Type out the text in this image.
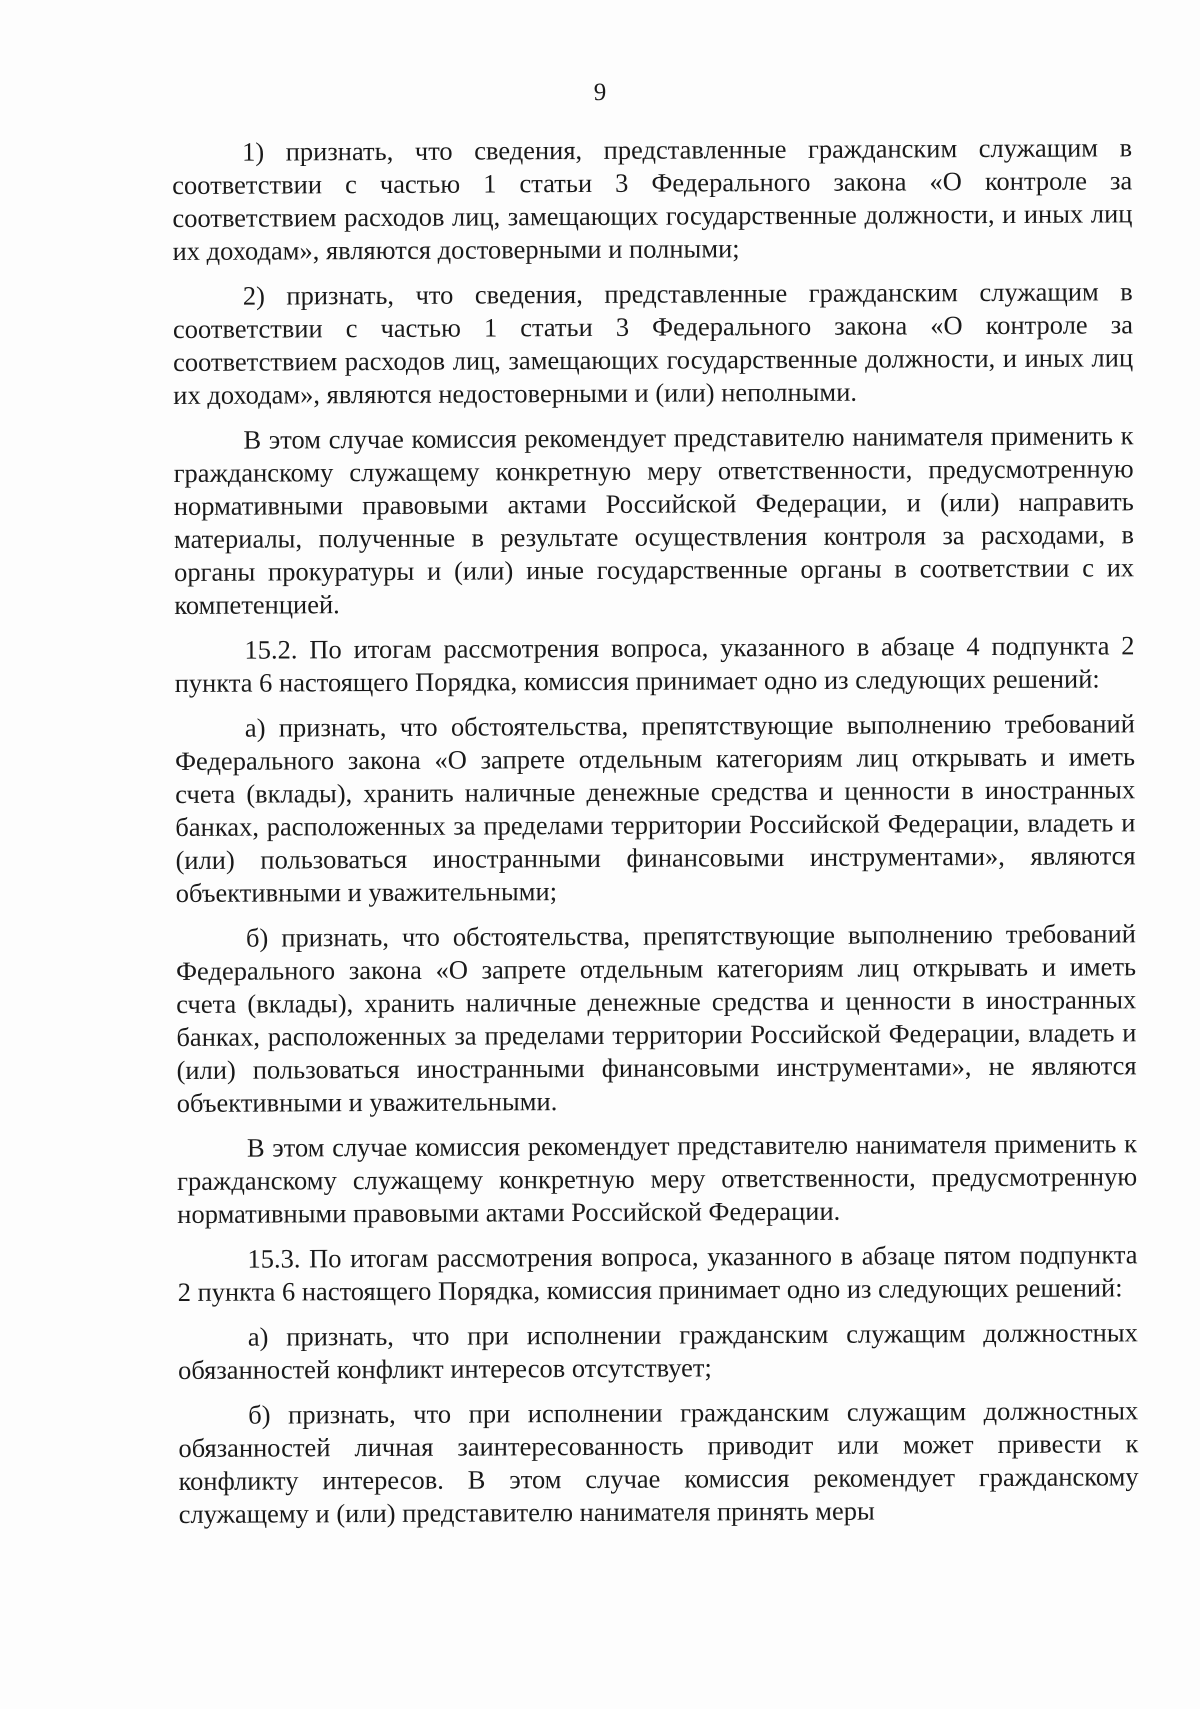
9

1) признать, что сведения, представленные гражданским служащим в соответствии с частью 1 статьи 3 Федерального закона «О контроле за соответствием расходов лиц, замещающих государственные должности, и иных лиц их доходам», являются достоверными и полными;

2) признать, что сведения, представленные гражданским служащим в соответствии с частью 1 статьи 3 Федерального закона «О контроле за соответствием расходов лиц, замещающих государственные должности, и иных лиц их доходам», являются недостоверными и (или) неполными.

В этом случае комиссия рекомендует представителю нанимателя применить к гражданскому служащему конкретную меру ответственности, предусмотренную нормативными правовыми актами Российской Федерации, и (или) направить материалы, полученные в результате осуществления контроля за расходами, в органы прокуратуры и (или) иные государственные органы в соответствии с их компетенцией.

15.2. По итогам рассмотрения вопроса, указанного в абзаце 4 подпункта 2 пункта 6 настоящего Порядка, комиссия принимает одно из следующих решений:

а) признать, что обстоятельства, препятствующие выполнению требований Федерального закона «О запрете отдельным категориям лиц открывать и иметь счета (вклады), хранить наличные денежные средства и ценности в иностранных банках, расположенных за пределами территории Российской Федерации, владеть и (или) пользоваться иностранными финансовыми инструментами», являются объективными и уважительными;

б) признать, что обстоятельства, препятствующие выполнению требований Федерального закона «О запрете отдельным категориям лиц открывать и иметь счета (вклады), хранить наличные денежные средства и ценности в иностранных банках, расположенных за пределами территории Российской Федерации, владеть и (или) пользоваться иностранными финансовыми инструментами», не являются объективными и уважительными.

В этом случае комиссия рекомендует представителю нанимателя применить к гражданскому служащему конкретную меру ответственности, предусмотренную нормативными правовыми актами Российской Федерации.

15.3. По итогам рассмотрения вопроса, указанного в абзаце пятом подпункта 2 пункта 6 настоящего Порядка, комиссия принимает одно из следующих решений:

а) признать, что при исполнении гражданским служащим должностных обязанностей конфликт интересов отсутствует;

б) признать, что при исполнении гражданским служащим должностных обязанностей личная заинтересованность приводит или может привести к конфликту интересов. В этом случае комиссия рекомендует гражданскому служащему и (или) представителю нанимателя принять меры
